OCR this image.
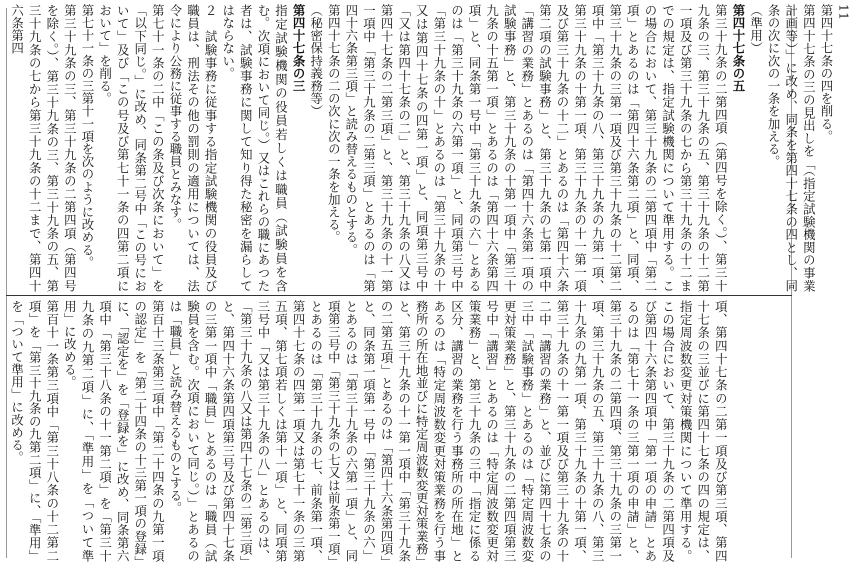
11

第四十七条の四を削る。

第四十七条の三の見出しを「（指定試験機関の事業計画等）」に改め、同条を第四十七条の四とし、同条の次に次の一条を加える。

（準用）

第四十七条の五

第三十九条の二第四項（第四号を除く。）、第三十九条の三、第三十九条の五、第三十九条の十二第一項及び第三十九条の七から第三十九条の十二までの規定は、指定試験機関について準用する。この場合において、第三十九条の二第四項中「第二項」とあるのは「第四十六条第二項」と、同項、第三十九条の三第一項及び第三十九条の十二第二項中「第三十九条の八、第三十九条の九第一項、第三十九条の十第一項、第三十九条の十一第一項及び第三十九条の十二」とあるのは「第四十六条第二項の試験事務」と、第三十九条の七第一項中「講習の業務」とあるのは「第四十六条第一項の試験事務」と、第三十九条の十第一項中「第三十九条の十五第一項」とあるのは「第四十六条第四項」と、同条第一号中「第三十九条の六」とあるのは「第三十九条の六第一項」と、同項第三号中「第三十九条の十」とあるのは「第三十九条の十又は第四十七条の四第一項」と、同項第三号中「又は第四十七条の二」と、第三十九条の八又は第四十七条の二第三項」と、第三十九条の十一第一項中「第三十九条の二第三項」とあるのは「第四十六条第三項」と読み替えるものとする。

第四十七条の二の次に次の一条を加える。

（秘密保持義務等）

第四十七条の三

指定試験機関の役員若しくは職員（試験員を含む。次項において同じ。）又はこれらの職にあつた者は、試験事務に関して知り得た秘密を漏らしてはならない。

２　試験事務に従事する指定試験機関の役員及び職員は、刑法その他の罰則の適用については、法令により公務に従事する職員とみなす。

第七十一条の二中「この条及び次条において」を「以下同じ。」に改め、同条第二号中「この号において」及び「この号及び第七十一条の四第二項において」を削る。

第七十一条の三第十一項を次のように改める。

第三十九条の三、第三十九条の二第四項（第四号を除く。）、第三十九条の三、第三十九条の五、第三十九条の七から第三十九条の十二まで、第四十六条第四

項、第四十七条の二第一項及び第三項、第四十七条の三並びに第四十七条の四の規定は、指定周波数変更対策機関について準用する。この場合において、第三十九条の二第四項及び第四十六条第四項中「第一項の申請」とあるのは「第七十一条の三第一項の申請」と、第三十九条の二第四項、第三十九条の三第一項、第三十九条の五、第三十九条の八、第三十九条の九第一項、第三十九条の十第一項、第三十九条の十一第一項及び第三十九条の十二中「講習の業務」と、並びに第四十七条の三中「試験事務」とあるのは「特定周波数変更対策業務」と、第三十九条の二第四項第三号中「講習」とあるのは「特定周波数変更対策業務」と、第三十九条の三中「指定に係る区分、講習の業務を行う事務所の所在地」とあるのは「特定周波数変更対策業務を行う事務所の所在地並びに特定周波数変更対策業務」と、第三十九条の十一第一項中「第三十九条の二第五項」とあるのは「第四十六条第四項」と、同条第一項第一号中「第三十九条の六」とあるのは「第三十九条の六第一項」と、同項第三号中「第三十九条の七又は前条第一項」とあるのは「第三十九条の七、前条第一項、第四十七条の四第一項又は第七十一条の三第五項、第七項若しくは第十一項」と、同項第三号中「又は第三十九条の八」とあるのは、「第三十九条の八又は第四十七条の二第三項」と、第四十六条第四項第三号及び第四十七条の三第一項中「職員」とあるのは「職員（試験員を含む。次項において同じ。）」とあるのは「職員」と読み替えるものとする。

第百十三条第三項中「第二十四条の九第一項の認定」を「第二十四条の十三第一項の登録」に、「認定を」を「登録を」に改め、同条第六項中「第三十八条の十一第二項」を「第三十九条の九第二項」に、「準用」を「ついて準用」に改める。

第百十一条第三項中「第三十八条の十二第二項」を「第三十九条の九第二項」に、「準用」を「ついて準用」に改める。
